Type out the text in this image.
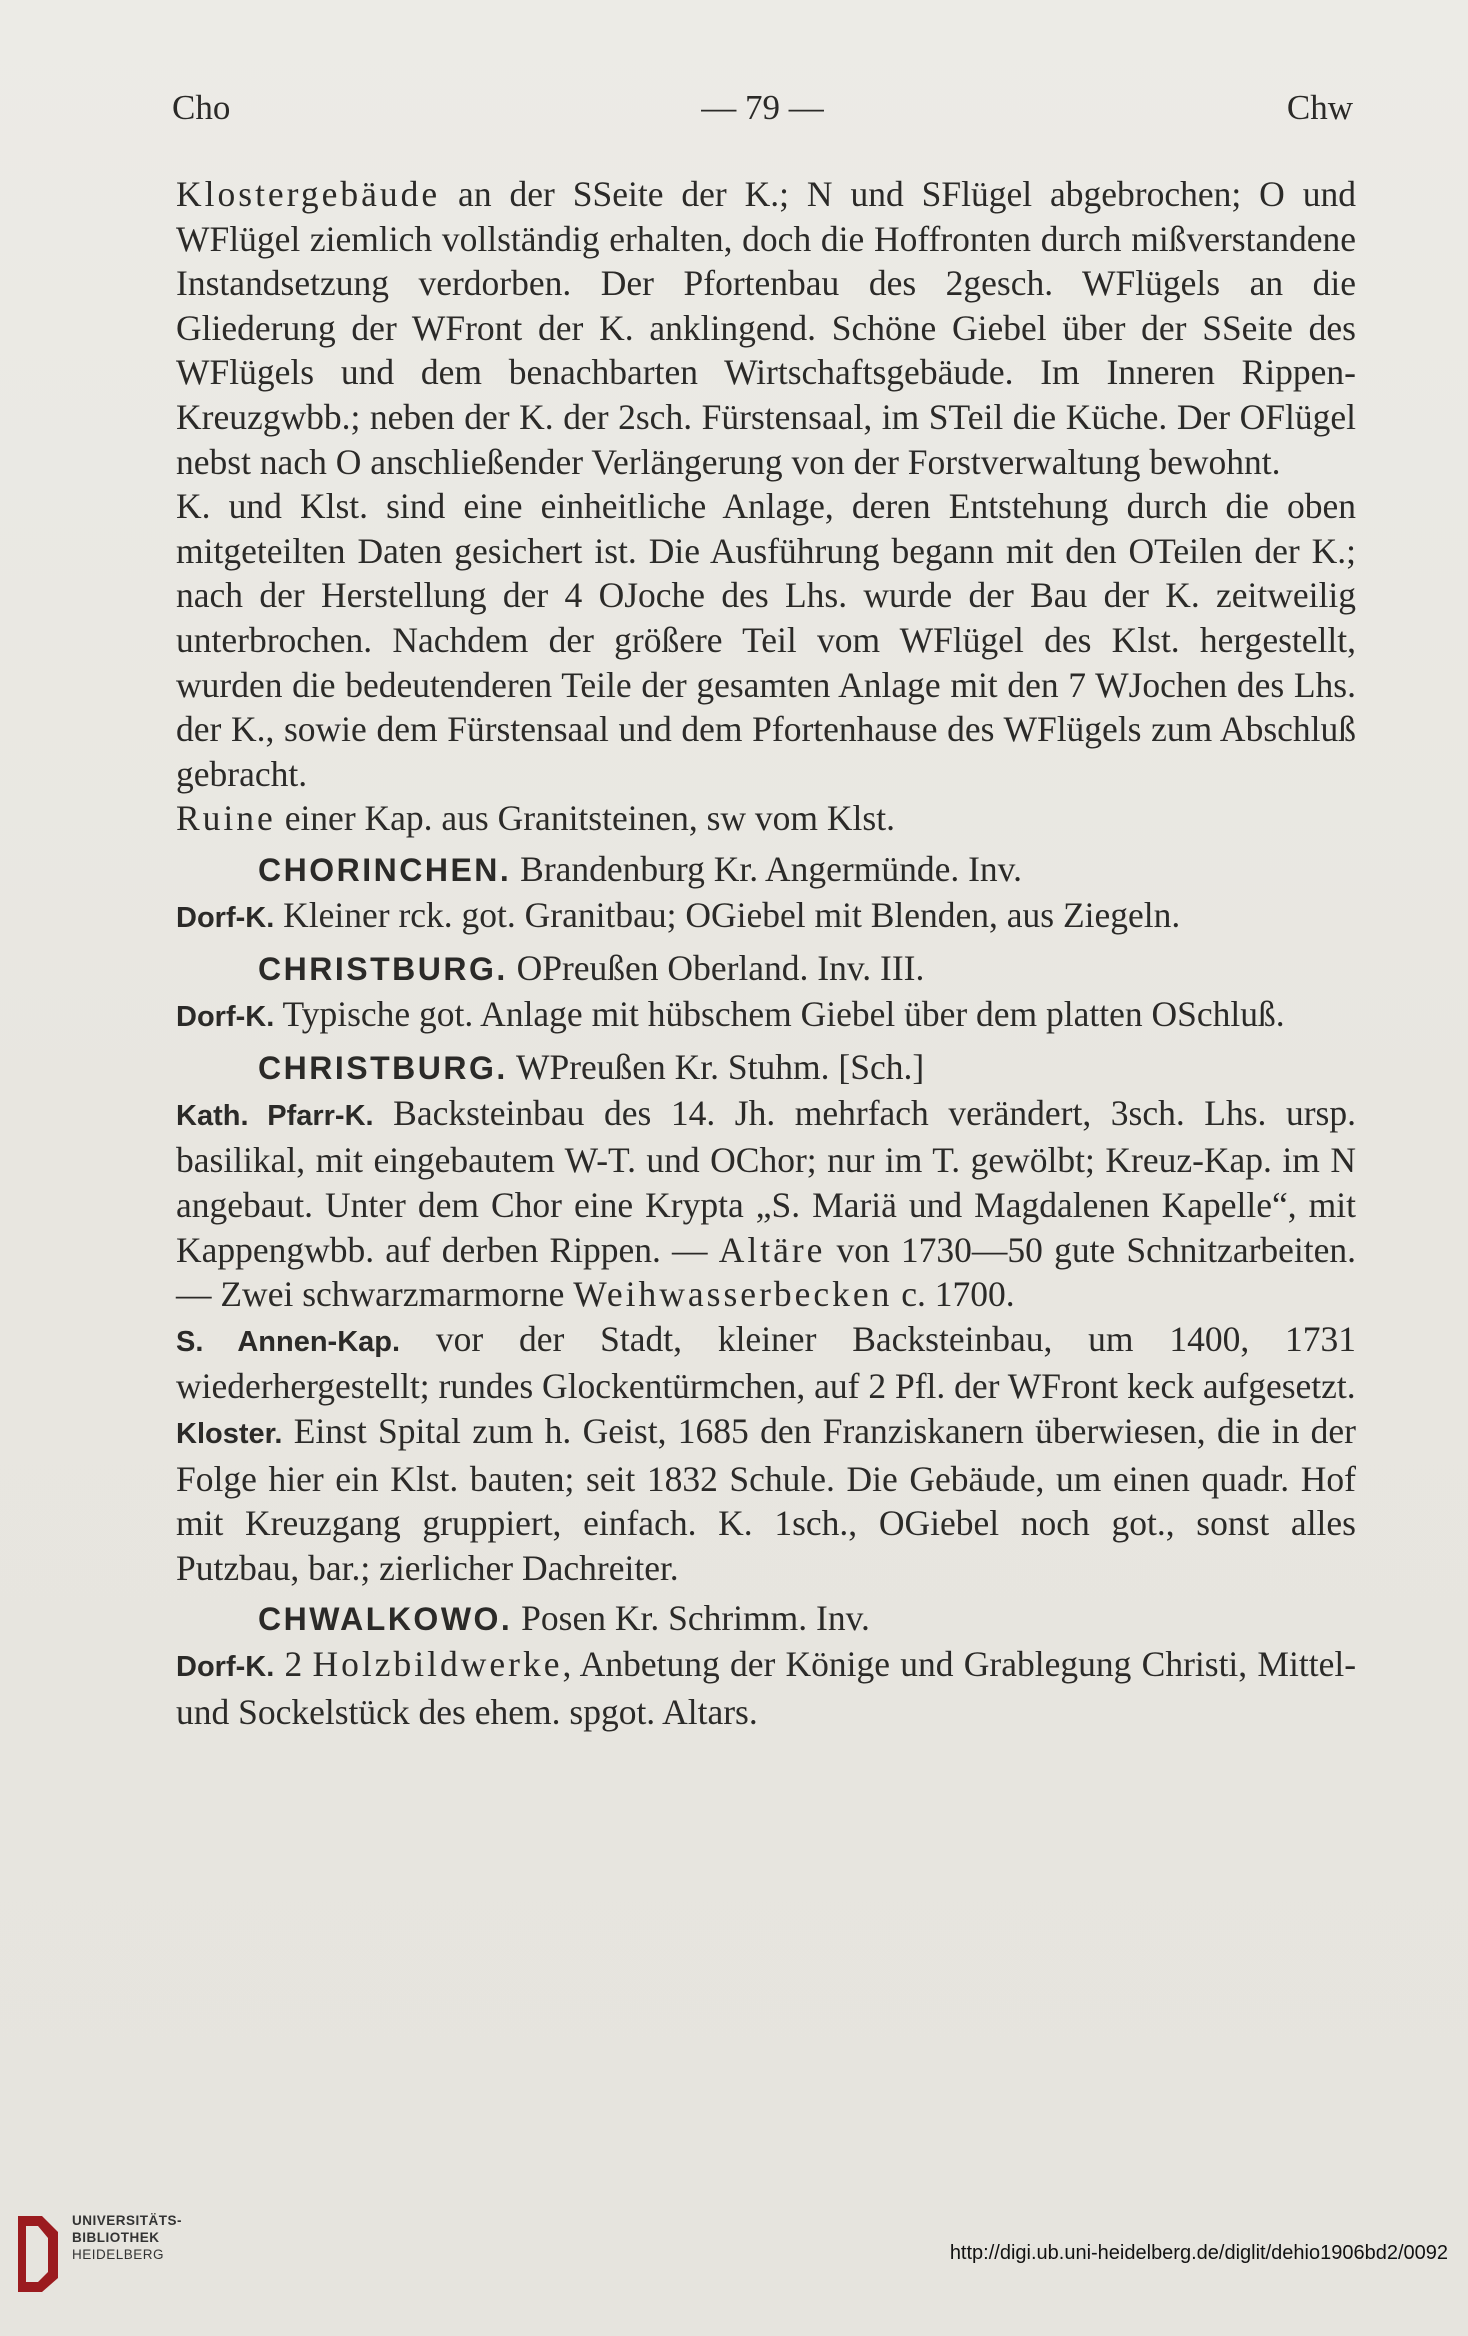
Cho	— 79 —	Chw

Klostergebäude an der SSeite der K.; N und SFlügel abgebrochen; O und WFlügel ziemlich vollständig erhalten, doch die Hoffronten durch mißverstandene Instandsetzung verdorben. Der Pfortenbau des 2gesch. WFlügels an die Gliederung der WFront der K. anklingend. Schöne Giebel über der SSeite des WFlügels und dem benachbarten Wirtschaftsgebäude. Im Inneren Rippen-Kreuzgwbb.; neben der K. der 2sch. Fürstensaal, im STeil die Küche. Der OFlügel nebst nach O anschließender Verlängerung von der Forstverwaltung bewohnt.

K. und Klst. sind eine einheitliche Anlage, deren Entstehung durch die oben mitgeteilten Daten gesichert ist. Die Ausführung begann mit den OTeilen der K.; nach der Herstellung der 4 OJoche des Lhs. wurde der Bau der K. zeitweilig unterbrochen. Nachdem der größere Teil vom WFlügel des Klst. hergestellt, wurden die bedeutenderen Teile der gesamten Anlage mit den 7 WJochen des Lhs. der K., sowie dem Fürstensaal und dem Pfortenhause des WFlügels zum Abschluß gebracht.

Ruine einer Kap. aus Granitsteinen, sw vom Klst.

CHORINCHEN. Brandenburg Kr. Angermünde. Inv.

Dorf-K. Kleiner rck. got. Granitbau; OGiebel mit Blenden, aus Ziegeln.

CHRISTBURG. OPreußen Oberland. Inv. III.

Dorf-K. Typische got. Anlage mit hübschem Giebel über dem platten OSchluß.

CHRISTBURG. WPreußen Kr. Stuhm. [Sch.]

Kath. Pfarr-K. Backsteinbau des 14. Jh. mehrfach verändert, 3sch. Lhs. ursp. basilikal, mit eingebautem W-T. und OChor; nur im T. gewölbt; Kreuz-Kap. im N angebaut. Unter dem Chor eine Krypta „S. Mariä und Magdalenen Kapelle“, mit Kappengwbb. auf derben Rippen. — Altäre von 1730—50 gute Schnitzarbeiten. — Zwei schwarzmarmorne Weihwasserbecken c. 1700.

S. Annen-Kap. vor der Stadt, kleiner Backsteinbau, um 1400, 1731 wiederhergestellt; rundes Glockentürmchen, auf 2 Pfl. der WFront keck aufgesetzt.

Kloster. Einst Spital zum h. Geist, 1685 den Franziskanern überwiesen, die in der Folge hier ein Klst. bauten; seit 1832 Schule. Die Gebäude, um einen quadr. Hof mit Kreuzgang gruppiert, einfach. K. 1sch., OGiebel noch got., sonst alles Putzbau, bar.; zierlicher Dachreiter.

CHWALKOWO. Posen Kr. Schrimm. Inv.

Dorf-K. 2 Holzbildwerke, Anbetung der Könige und Grablegung Christi, Mittel- und Sockelstück des ehem. spgot. Altars.

UNIVERSITÄTS-
BIBLIOTHEK
HEIDELBERG	http://digi.ub.uni-heidelberg.de/diglit/dehio1906bd2/0092
